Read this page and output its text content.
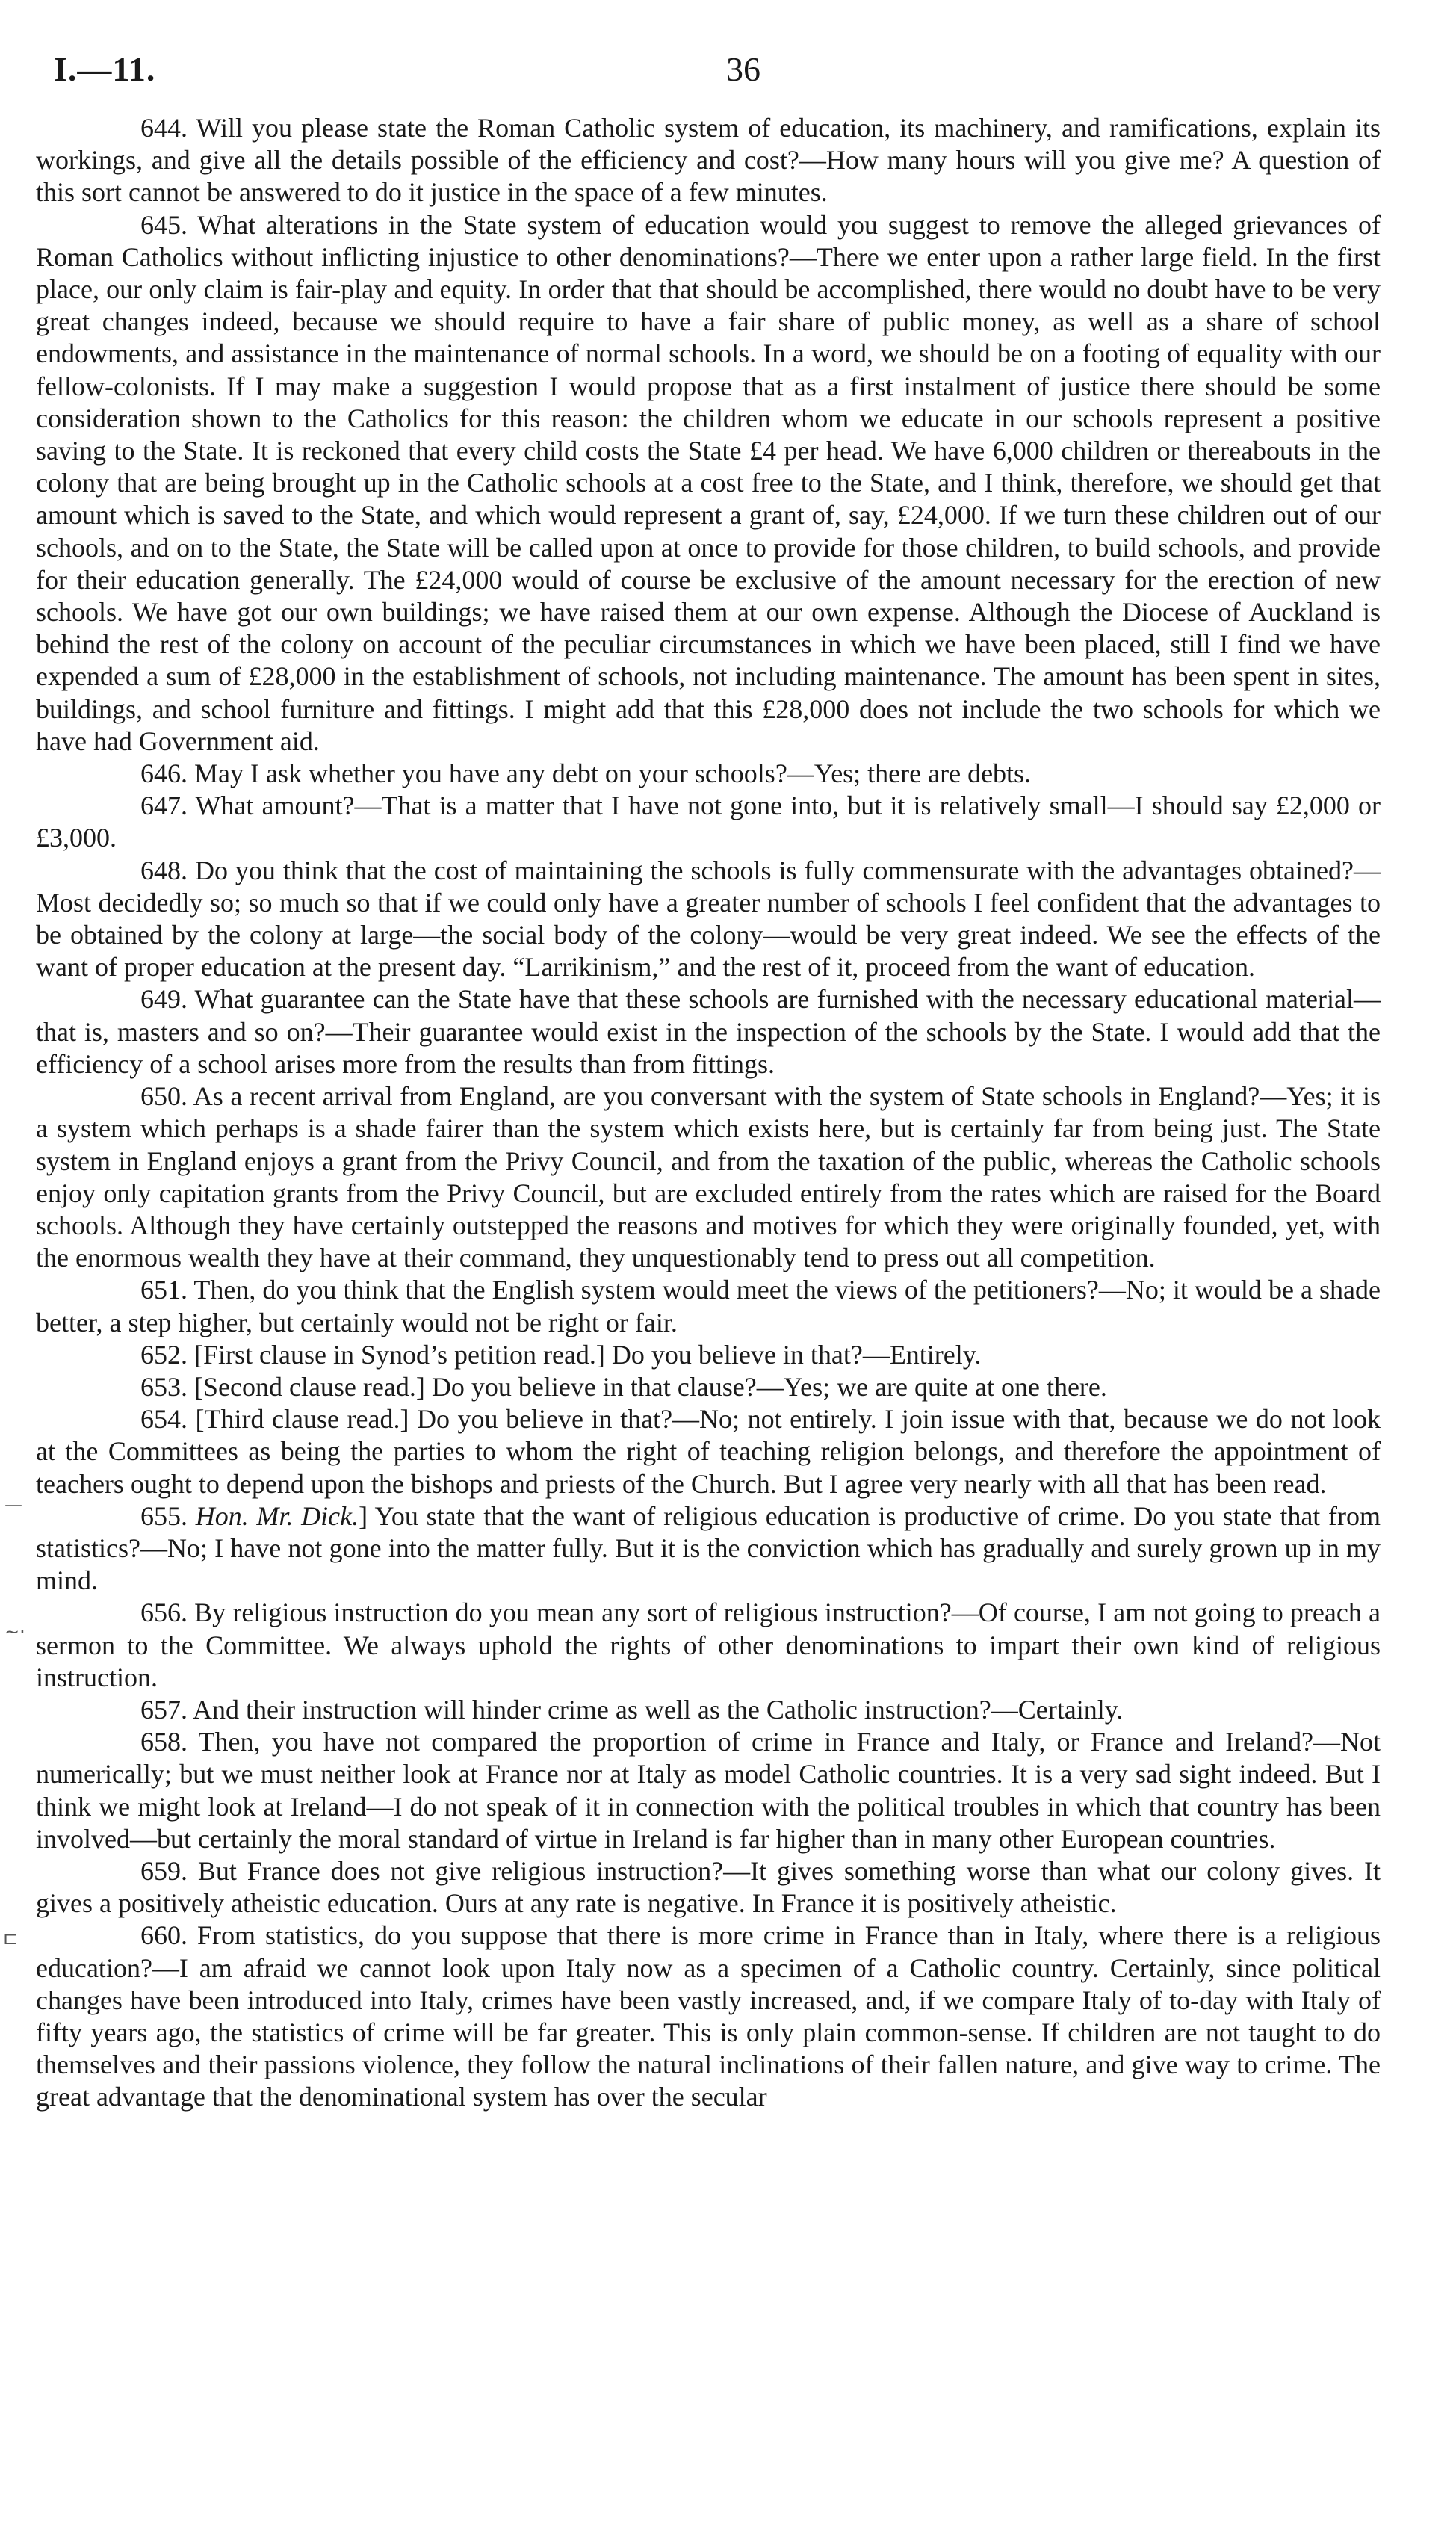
I.—11.	36

644. Will you please state the Roman Catholic system of education, its machinery, and ramifications, explain its workings, and give all the details possible of the efficiency and cost?—How many hours will you give me? A question of this sort cannot be answered to do it justice in the space of a few minutes.

645. What alterations in the State system of education would you suggest to remove the alleged grievances of Roman Catholics without inflicting injustice to other denominations?—There we enter upon a rather large field. In the first place, our only claim is fair-play and equity. In order that that should be accomplished, there would no doubt have to be very great changes indeed, because we should require to have a fair share of public money, as well as a share of school endowments, and assistance in the maintenance of normal schools. In a word, we should be on a footing of equality with our fellow-colonists. If I may make a suggestion I would propose that as a first instalment of justice there should be some consideration shown to the Catholics for this reason: the children whom we educate in our schools represent a positive saving to the State. It is reckoned that every child costs the State £4 per head. We have 6,000 children or thereabouts in the colony that are being brought up in the Catholic schools at a cost free to the State, and I think, therefore, we should get that amount which is saved to the State, and which would represent a grant of, say, £24,000. If we turn these children out of our schools, and on to the State, the State will be called upon at once to provide for those children, to build schools, and provide for their education generally. The £24,000 would of course be exclusive of the amount necessary for the erection of new schools. We have got our own buildings; we have raised them at our own expense. Although the Diocese of Auckland is behind the rest of the colony on account of the peculiar circumstances in which we have been placed, still I find we have expended a sum of £28,000 in the establishment of schools, not including maintenance. The amount has been spent in sites, buildings, and school furniture and fittings. I might add that this £28,000 does not include the two schools for which we have had Government aid.

646. May I ask whether you have any debt on your schools?—Yes; there are debts.

647. What amount?—That is a matter that I have not gone into, but it is relatively small—I should say £2,000 or £3,000.

648. Do you think that the cost of maintaining the schools is fully commensurate with the advantages obtained?—Most decidedly so; so much so that if we could only have a greater number of schools I feel confident that the advantages to be obtained by the colony at large—the social body of the colony—would be very great indeed. We see the effects of the want of proper education at the present day. “Larrikinism,” and the rest of it, proceed from the want of education.

649. What guarantee can the State have that these schools are furnished with the necessary educational material—that is, masters and so on?—Their guarantee would exist in the inspection of the schools by the State. I would add that the efficiency of a school arises more from the results than from fittings.

650. As a recent arrival from England, are you conversant with the system of State schools in England?—Yes; it is a system which perhaps is a shade fairer than the system which exists here, but is certainly far from being just. The State system in England enjoys a grant from the Privy Council, and from the taxation of the public, whereas the Catholic schools enjoy only capitation grants from the Privy Council, but are excluded entirely from the rates which are raised for the Board schools. Although they have certainly outstepped the reasons and motives for which they were originally founded, yet, with the enormous wealth they have at their command, they unquestionably tend to press out all competition.

651. Then, do you think that the English system would meet the views of the petitioners?—No; it would be a shade better, a step higher, but certainly would not be right or fair.

652. [First clause in Synod’s petition read.] Do you believe in that?—Entirely.

653. [Second clause read.] Do you believe in that clause?—Yes; we are quite at one there.

654. [Third clause read.] Do you believe in that?—No; not entirely. I join issue with that, because we do not look at the Committees as being the parties to whom the right of teaching religion belongs, and therefore the appointment of teachers ought to depend upon the bishops and priests of the Church. But I agree very nearly with all that has been read.

655. Hon. Mr. Dick.] You state that the want of religious education is productive of crime. Do you state that from statistics?—No; I have not gone into the matter fully. But it is the conviction which has gradually and surely grown up in my mind.

656. By religious instruction do you mean any sort of religious instruction?—Of course, I am not going to preach a sermon to the Committee. We always uphold the rights of other denominations to impart their own kind of religious instruction.

657. And their instruction will hinder crime as well as the Catholic instruction?—Certainly.

658. Then, you have not compared the proportion of crime in France and Italy, or France and Ireland?—Not numerically; but we must neither look at France nor at Italy as model Catholic countries. It is a very sad sight indeed. But I think we might look at Ireland—I do not speak of it in connection with the political troubles in which that country has been involved—but certainly the moral standard of virtue in Ireland is far higher than in many other European countries.

659. But France does not give religious instruction?—It gives something worse than what our colony gives. It gives a positively atheistic education. Ours at any rate is negative. In France it is positively atheistic.

660. From statistics, do you suppose that there is more crime in France than in Italy, where there is a religious education?—I am afraid we cannot look upon Italy now as a specimen of a Catholic country. Certainly, since political changes have been introduced into Italy, crimes have been vastly increased, and, if we compare Italy of to-day with Italy of fifty years ago, the statistics of crime will be far greater. This is only plain common-sense. If children are not taught to do themselves and their passions violence, they follow the natural inclinations of their fallen nature, and give way to crime. The great advantage that the denominational system has over the secular

—
~·
⊏
